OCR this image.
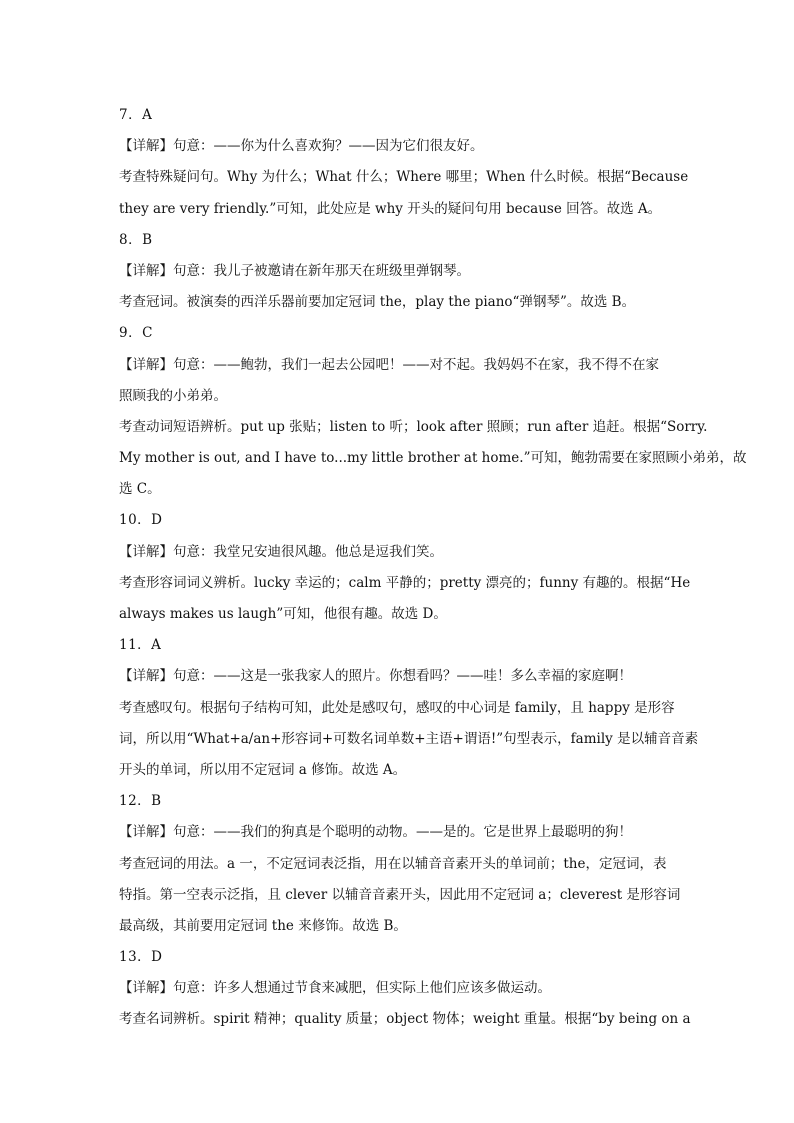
7．A
【详解】句意：——你为什么喜欢狗？——因为它们很友好。
考查特殊疑问句。Why 为什么；What 什么；Where 哪里；When 什么时候。根据“Because
they are very friendly.”可知，此处应是 why 开头的疑问句用 because 回答。故选 A。
8．B
【详解】句意：我儿子被邀请在新年那天在班级里弹钢琴。
考查冠词。被演奏的西洋乐器前要加定冠词 the，play the piano“弹钢琴”。故选 B。
9．C
【详解】句意：——鲍勃，我们一起去公园吧！——对不起。我妈妈不在家，我不得不在家
照顾我的小弟弟。
考查动词短语辨析。put up 张贴；listen to 听；look after 照顾；run after 追赶。根据“Sorry.
My mother is out, and I have to...my little brother at home.”可知，鲍勃需要在家照顾小弟弟，故
选 C。
10．D
【详解】句意：我堂兄安迪很风趣。他总是逗我们笑。
考查形容词词义辨析。lucky 幸运的；calm 平静的；pretty 漂亮的；funny 有趣的。根据“He
always makes us laugh”可知，他很有趣。故选 D。
11．A
【详解】句意：——这是一张我家人的照片。你想看吗？——哇！多么幸福的家庭啊！
考查感叹句。根据句子结构可知，此处是感叹句，感叹的中心词是 family，且 happy 是形容
词，所以用“What+a/an+形容词+可数名词单数+主语+谓语!”句型表示，family 是以辅音音素
开头的单词，所以用不定冠词 a 修饰。故选 A。
12．B
【详解】句意：——我们的狗真是个聪明的动物。——是的。它是世界上最聪明的狗！
考查冠词的用法。a 一，不定冠词表泛指，用在以辅音音素开头的单词前；the，定冠词，表
特指。第一空表示泛指，且 clever 以辅音音素开头，因此用不定冠词 a；cleverest 是形容词
最高级，其前要用定冠词 the 来修饰。故选 B。
13．D
【详解】句意：许多人想通过节食来减肥，但实际上他们应该多做运动。
考查名词辨析。spirit 精神；quality 质量；object 物体；weight 重量。根据“by being on a
